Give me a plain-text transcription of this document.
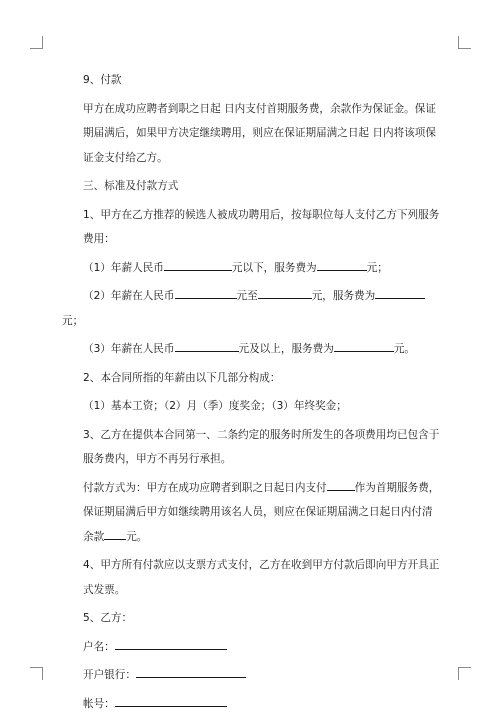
9、付款

甲方在成功应聘者到职之日起 日内支付首期服务费，余款作为保证金。保证期届满后，如果甲方决定继续聘用，则应在保证期届满之日起 日内将该项保证金支付给乙方。

三、标准及付款方式

1、甲方在乙方推荐的候选人被成功聘用后，按每职位每人支付乙方下列服务费用：

（1）年薪人民币	元以下，服务费为	元；

（2）年薪在人民币	元至	元，服务费为

元；

（3）年薪在人民币	元及以上，服务费为	元。

2、本合同所指的年薪由以下几部分构成：

（1）基本工资；（2）月（季）度奖金；（3）年终奖金；

3、乙方在提供本合同第一、二条约定的服务时所发生的各项费用均已包含于服务费内，甲方不再另行承担。

付款方式为：甲方在成功应聘者到职之日起日内支付	作为首期服务费，保证期届满后甲方如继续聘用该名人员，则应在保证期届满之日起日内付清余款 元。

4、甲方所有付款应以支票方式支付，乙方在收到甲方付款后即向甲方开具正式发票。

5、乙方：

户名：

开户银行：

帐号：
